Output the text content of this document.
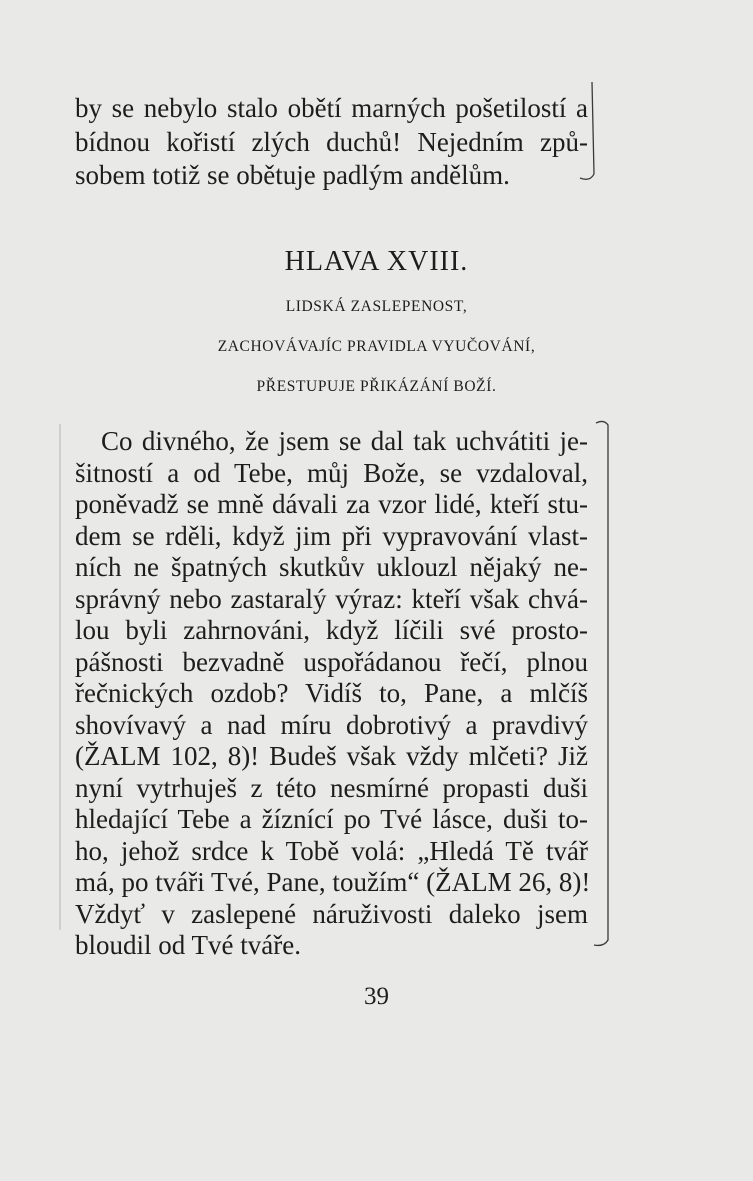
by se nebylo stalo obětí marných pošetilostí a
bídnou kořistí zlých duchů! Nejedním způ-
sobem totiž se obětuje padlým andělům.
HLAVA XVIII.
LIDSKÁ ZASLEPENOST,
ZACHOVÁVAJÍC PRAVIDLA VYUČOVÁNÍ,
PŘESTUPUJE PŘIKÁZÁNÍ BOŽÍ.
Co divného, že jsem se dal tak uchvátiti je-
šitností a od Tebe, můj Bože, se vzdaloval,
poněvadž se mně dávali za vzor lidé, kteří stu-
dem se rděli, když jim při vypravování vlast-
ních ne špatných skutkův uklouzl nějaký ne-
správný nebo zastaralý výraz: kteří však chvá-
lou byli zahrnováni, když líčili své prosto-
pášnosti bezvadně uspořádanou řečí, plnou
řečnických ozdob? Vidíš to, Pane, a mlčíš
shovívavý a nad míru dobrotivý a pravdivý
(ŽALM 102, 8)! Budeš však vždy mlčeti? Již
nyní vytrhuješ z této nesmírné propasti duši
hledající Tebe a žíznící po Tvé lásce, duši to-
ho, jehož srdce k Tobě volá: „Hledá Tě tvář
má, po tváři Tvé, Pane, toužím“ (ŽALM 26, 8)!
Vždyť v zaslepené náruživosti daleko jsem
bloudil od Tvé tváře.
39
